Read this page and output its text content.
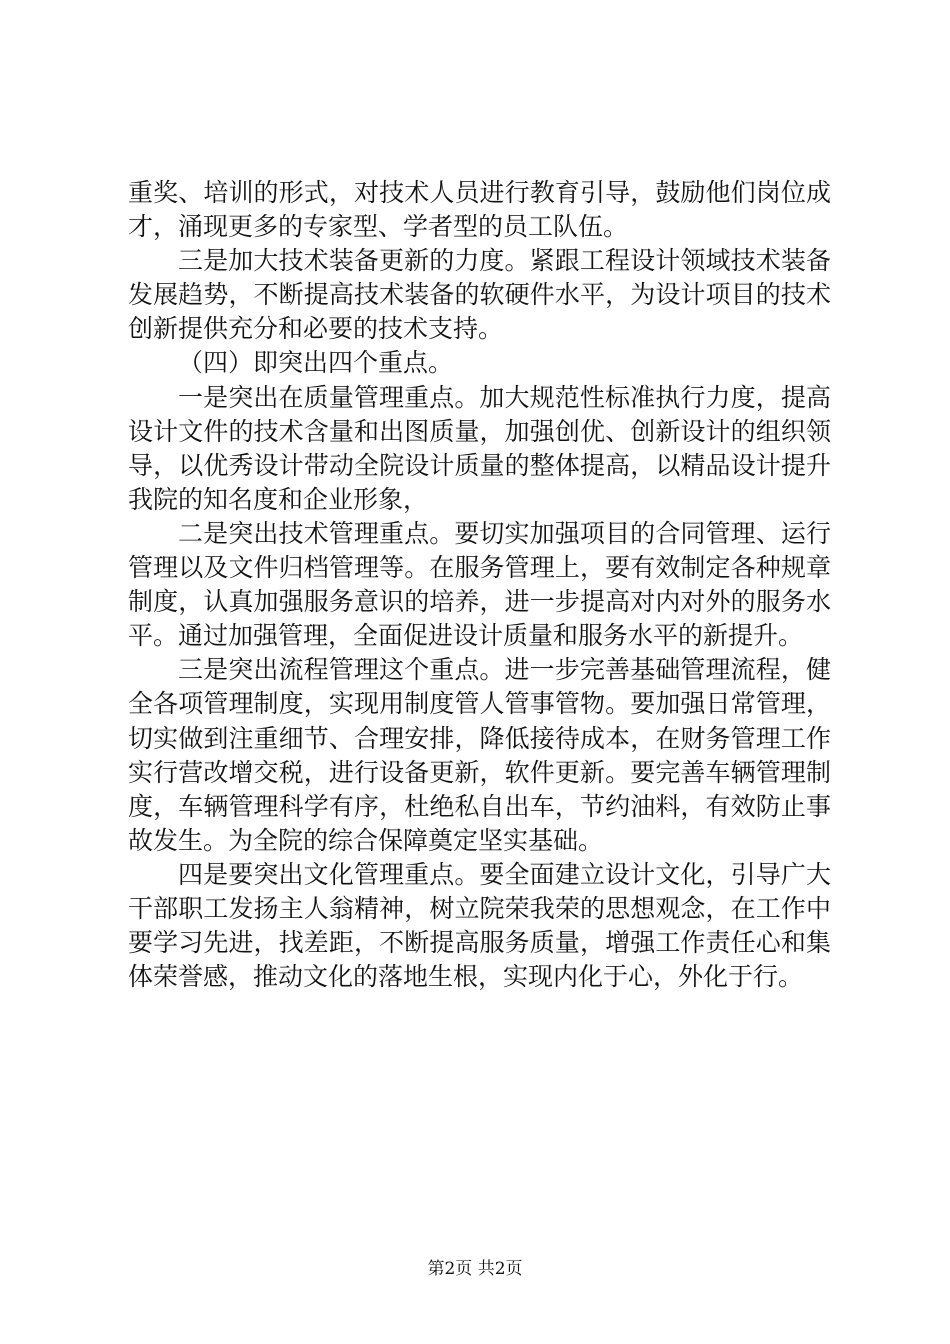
重奖、培训的形式，对技术人员进行教育引导，鼓励他们岗位成才，涌现更多的专家型、学者型的员工队伍。

三是加大技术装备更新的力度。紧跟工程设计领域技术装备发展趋势，不断提高技术装备的软硬件水平，为设计项目的技术创新提供充分和必要的技术支持。

（四）即突出四个重点。

一是突出在质量管理重点。加大规范性标准执行力度，提高设计文件的技术含量和出图质量，加强创优、创新设计的组织领导，以优秀设计带动全院设计质量的整体提高，以精品设计提升我院的知名度和企业形象，

二是突出技术管理重点。要切实加强项目的合同管理、运行管理以及文件归档管理等。在服务管理上，要有效制定各种规章制度，认真加强服务意识的培养，进一步提高对内对外的服务水平。通过加强管理，全面促进设计质量和服务水平的新提升。

三是突出流程管理这个重点。进一步完善基础管理流程，健全各项管理制度，实现用制度管人管事管物。要加强日常管理，切实做到注重细节、合理安排，降低接待成本，在财务管理工作实行营改增交税，进行设备更新，软件更新。要完善车辆管理制度，车辆管理科学有序，杜绝私自出车，节约油料，有效防止事故发生。为全院的综合保障奠定坚实基础。

四是要突出文化管理重点。要全面建立设计文化，引导广大干部职工发扬主人翁精神，树立院荣我荣的思想观念，在工作中要学习先进，找差距，不断提高服务质量，增强工作责任心和集体荣誉感，推动文化的落地生根，实现内化于心，外化于行。

第2页 共2页
